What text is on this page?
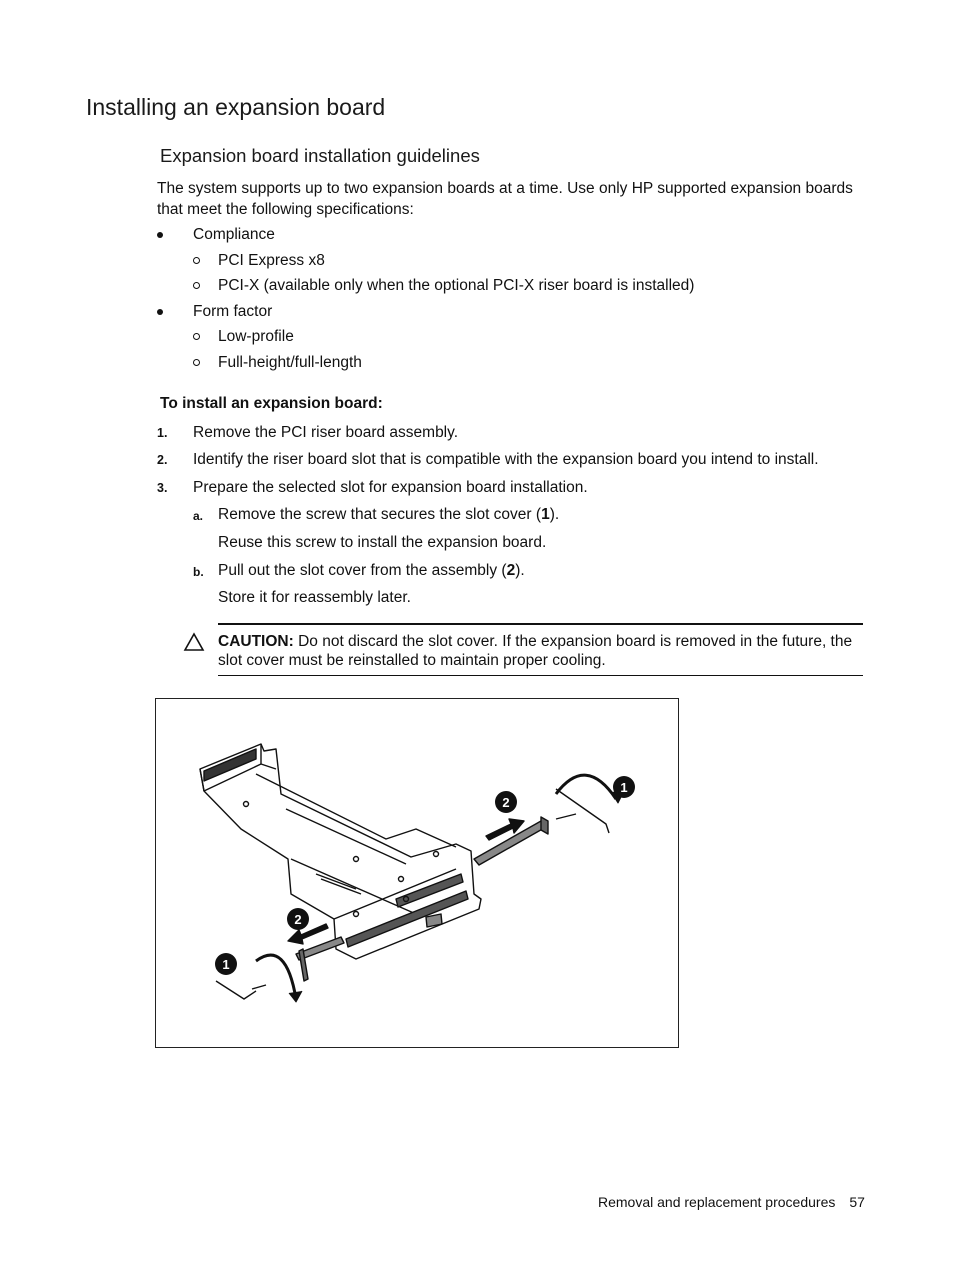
Installing an expansion board
Expansion board installation guidelines
The system supports up to two expansion boards at a time. Use only HP supported expansion boards that meet the following specifications:
Compliance
PCI Express x8
PCI-X (available only when the optional PCI-X riser board is installed)
Form factor
Low-profile
Full-height/full-length
To install an expansion board:
1. Remove the PCI riser board assembly.
2. Identify the riser board slot that is compatible with the expansion board you intend to install.
3. Prepare the selected slot for expansion board installation.
a. Remove the screw that secures the slot cover (1).
Reuse this screw to install the expansion board.
b. Pull out the slot cover from the assembly (2).
Store it for reassembly later.
CAUTION: Do not discard the slot cover. If the expansion board is removed in the future, the slot cover must be reinstalled to maintain proper cooling.
2
1
2
1
Removal and replacement procedures 57
